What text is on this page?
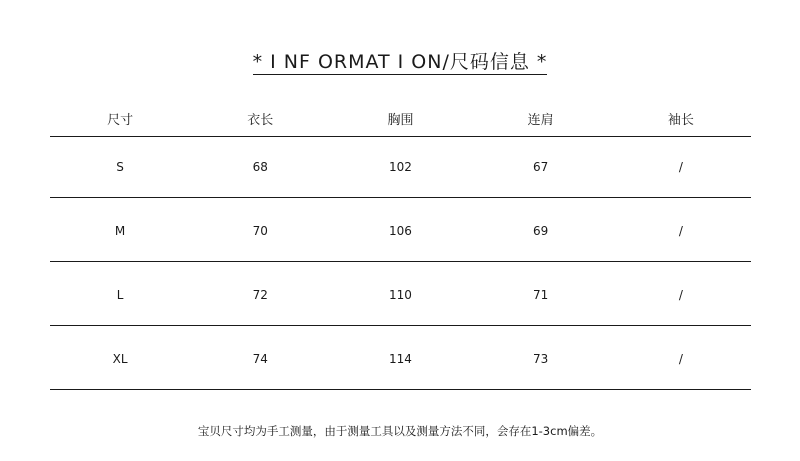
* I NF ORMAT I ON/尺码信息 *
尺寸	衣长	胸围	连肩	袖长
S	68	102	67	/
M	70	106	69	/
L	72	110	71	/
XL	74	114	73	/
宝贝尺寸均为手工测量，由于测量工具以及测量方法不同，会存在1-3cm偏差。
